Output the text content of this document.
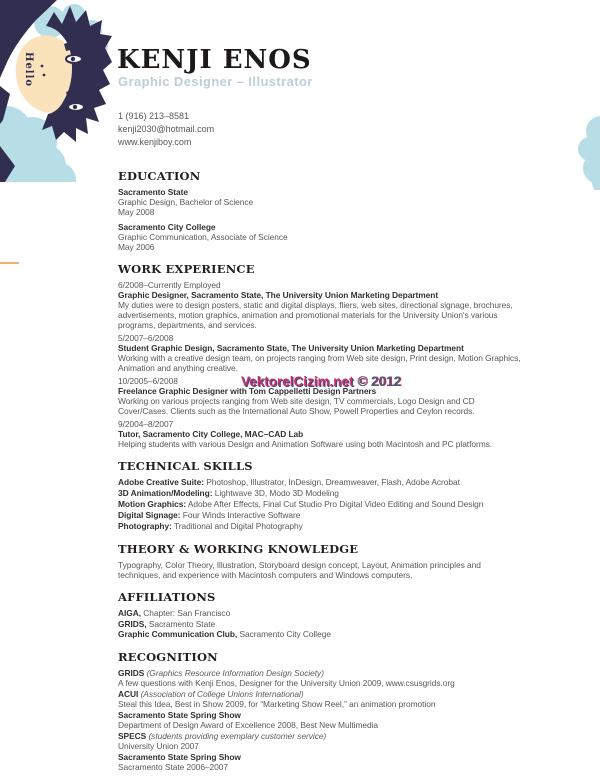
Hello	KENJI ENOS
Graphic Designer – Illustrator
1 (916) 213–8581
kenji2030@hotmail.com
www.kenjiboy.com
EDUCATION
Sacramento State
Graphic Design, Bachelor of Science
May 2008
Sacramento City College
Graphic Communication, Associate of Science
May 2006
WORK EXPERIENCE
6/2008–Currently Employed
Graphic Designer, Sacramento State, The University Union Marketing Department
My duties were to design posters, static and digital displays, fliers, web sites, directional signage, brochures, advertisements, motion graphics, animation and promotional materials for the University Union's various programs, departments, and services.
5/2007–6/2008
Student Graphic Design, Sacramento State, The University Union Marketing Department
Working with a creative design team, on projects ranging from Web site design, Print design, Motion Graphics, Animation and anything creative.
10/2005–6/2008
Freelance Graphic Designer with Tom Cappelletti Design Partners
Working on various projects ranging from Web site design, TV commercials, Logo Design and CD Cover/Cases. Clients such as the International Auto Show, Powell Properties and Ceylon records.
9/2004–8/2007
Tutor, Sacramento City College, MAC–CAD Lab
Helping students with various Design and Animation Software using both Macintosh and PC platforms.
TECHNICAL SKILLS
Adobe Creative Suite: Photoshop, Illustrator, InDesign, Dreamweaver, Flash, Adobe Acrobat
3D Animation/Modeling: Lightwave 3D, Modo 3D Modeling
Motion Graphics: Adobe After Effects, Final Cut Studio Pro Digital Video Editing and Sound Design
Digital Signage: Four Winds Interactive Software
Photography: Traditional and Digital Photography
THEORY & WORKING KNOWLEDGE
Typography, Color Theory, Illustration, Storyboard design concept, Layout, Animation principles and techniques, and experience with Macintosh computers and Windows computers.
AFFILIATIONS
AIGA, Chapter: San Francisco
GRIDS, Sacramento State
Graphic Communication Club, Sacramento City College
RECOGNITION
GRIDS (Graphics Resource Information Design Society)
A few questions with Kenji Enos, Designer for the University Union 2009, www.csusgrids.org
ACUI (Association of College Unions International)
Steal this Idea, Best in Show 2009, for “Marketing Show Reel,” an animation promotion
Sacramento State Spring Show
Department of Design Award of Excellence 2008, Best New Multimedia
SPECS (students providing exemplary customer service)
University Union 2007
Sacramento State Spring Show
Sacramento State 2006–2007
VektorelCizim.net © 2012
